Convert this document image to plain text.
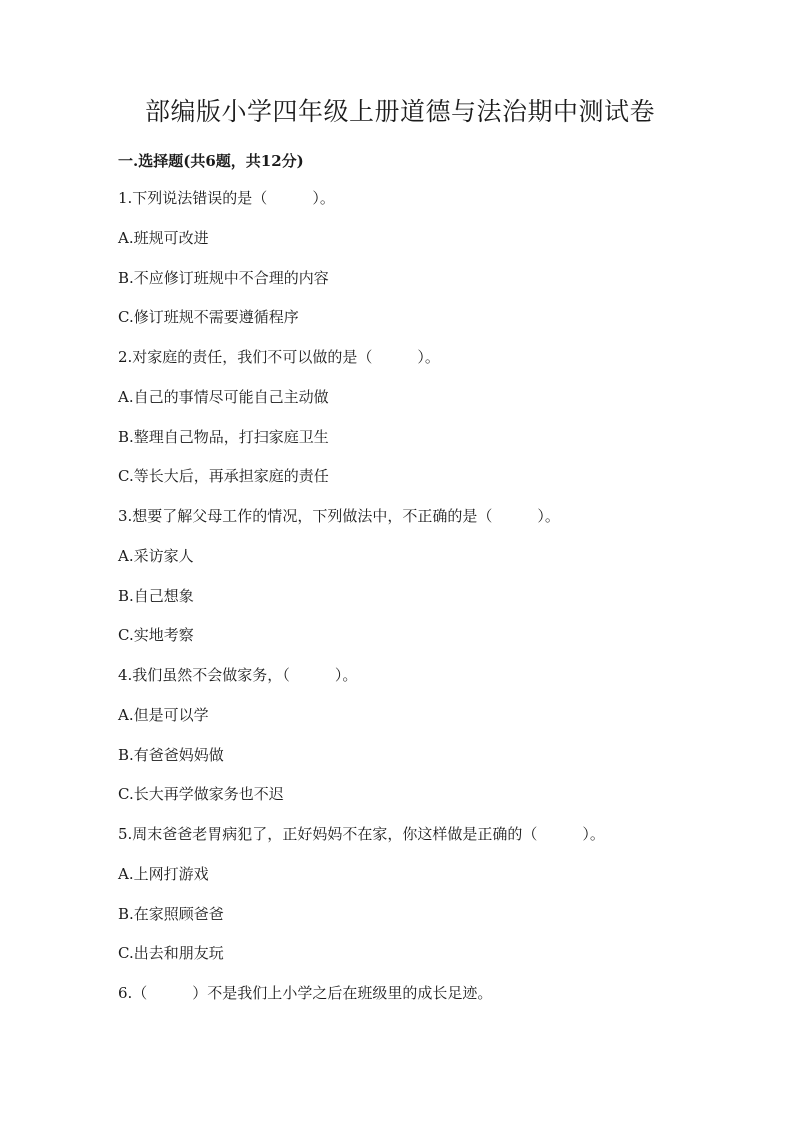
部编版小学四年级上册道德与法治期中测试卷
一.选择题(共6题，共12分)
1.下列说法错误的是（　　　）。
A.班规可改进
B.不应修订班规中不合理的内容
C.修订班规不需要遵循程序
2.对家庭的责任，我们不可以做的是（　　　）。
A.自己的事情尽可能自己主动做
B.整理自己物品，打扫家庭卫生
C.等长大后，再承担家庭的责任
3.想要了解父母工作的情况，下列做法中，不正确的是（　　　）。
A.采访家人
B.自己想象
C.实地考察
4.我们虽然不会做家务，（　　　）。
A.但是可以学
B.有爸爸妈妈做
C.长大再学做家务也不迟
5.周末爸爸老胃病犯了，正好妈妈不在家，你这样做是正确的（　　　）。
A.上网打游戏
B.在家照顾爸爸
C.出去和朋友玩
6.（　　　）不是我们上小学之后在班级里的成长足迹。
